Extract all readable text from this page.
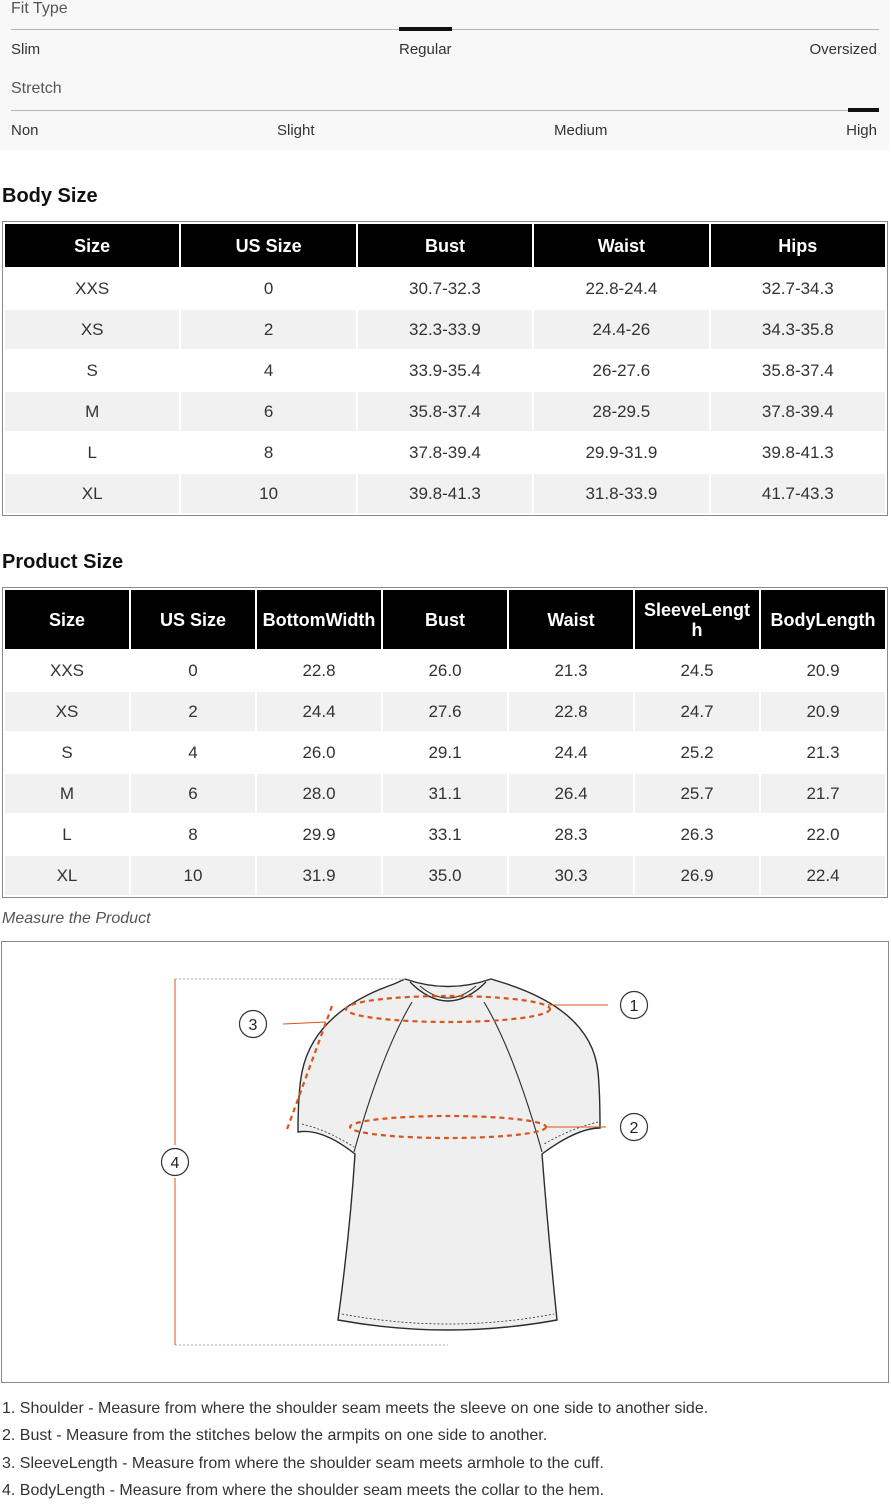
Fit Type
Slim	Regular	Oversized
Stretch
Non	Slight	Medium	High
Body Size
Size	US Size	Bust	Waist	Hips
XXS	0	30.7-32.3	22.8-24.4	32.7-34.3
XS	2	32.3-33.9	24.4-26	34.3-35.8
S	4	33.9-35.4	26-27.6	35.8-37.4
M	6	35.8-37.4	28-29.5	37.8-39.4
L	8	37.8-39.4	29.9-31.9	39.8-41.3
XL	10	39.8-41.3	31.8-33.9	41.7-43.3
Product Size
Size	US Size	BottomWidth	Bust	Waist	SleeveLength	BodyLength
XXS	0	22.8	26.0	21.3	24.5	20.9
XS	2	24.4	27.6	22.8	24.7	20.9
S	4	26.0	29.1	24.4	25.2	21.3
M	6	28.0	31.1	26.4	25.7	21.7
L	8	29.9	33.1	28.3	26.3	22.0
XL	10	31.9	35.0	30.3	26.9	22.4
Measure the Product
1
2
3
4
1. Shoulder - Measure from where the shoulder seam meets the sleeve on one side to another side.
2. Bust - Measure from the stitches below the armpits on one side to another.
3. SleeveLength - Measure from where the shoulder seam meets armhole to the cuff.
4. BodyLength - Measure from where the shoulder seam meets the collar to the hem.
